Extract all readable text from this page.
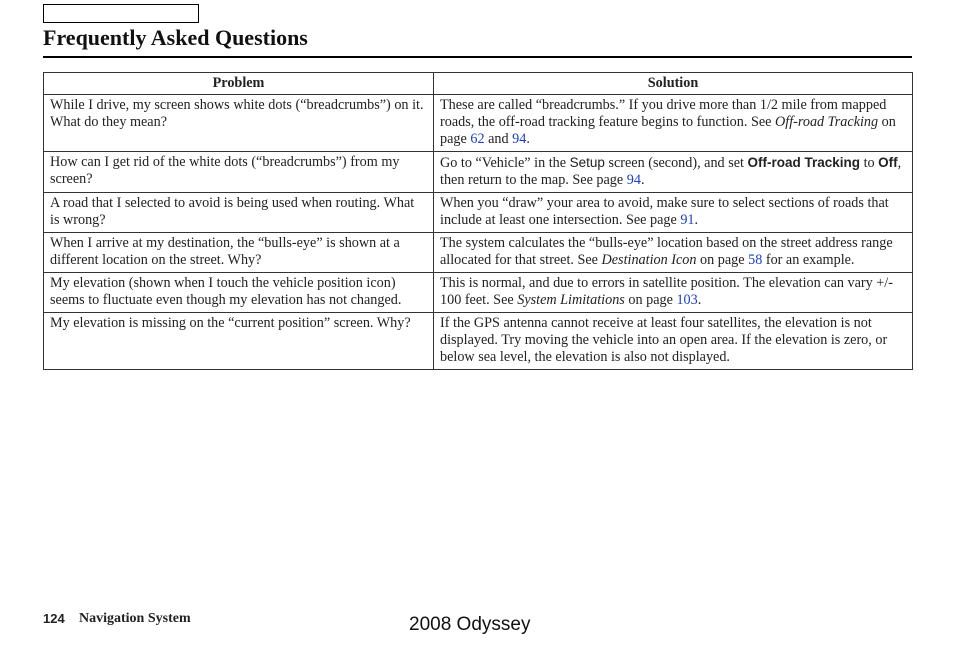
Frequently Asked Questions
Problem	Solution
While I drive, my screen shows white dots (“breadcrumbs”) on it. What do they mean?	These are called “breadcrumbs.” If you drive more than 1/2 mile from mapped roads, the off-road tracking feature begins to function. See Off-road Tracking on page 62 and 94.
How can I get rid of the white dots (“breadcrumbs”) from my screen?	Go to “Vehicle” in the Setup screen (second), and set Off-road Tracking to Off, then return to the map. See page 94.
A road that I selected to avoid is being used when routing. What is wrong?	When you “draw” your area to avoid, make sure to select sections of roads that include at least one intersection. See page 91.
When I arrive at my destination, the “bulls-eye” is shown at a different location on the street. Why?	The system calculates the “bulls-eye” location based on the street address range allocated for that street. See Destination Icon on page 58 for an example.
My elevation (shown when I touch the vehicle position icon) seems to fluctuate even though my elevation has not changed.	This is normal, and due to errors in satellite position. The elevation can vary +/- 100 feet. See System Limitations on page 103.
My elevation is missing on the “current position” screen. Why?	If the GPS antenna cannot receive at least four satellites, the elevation is not displayed. Try moving the vehicle into an open area. If the elevation is zero, or below sea level, the elevation is also not displayed.
124 Navigation System	2008 Odyssey
